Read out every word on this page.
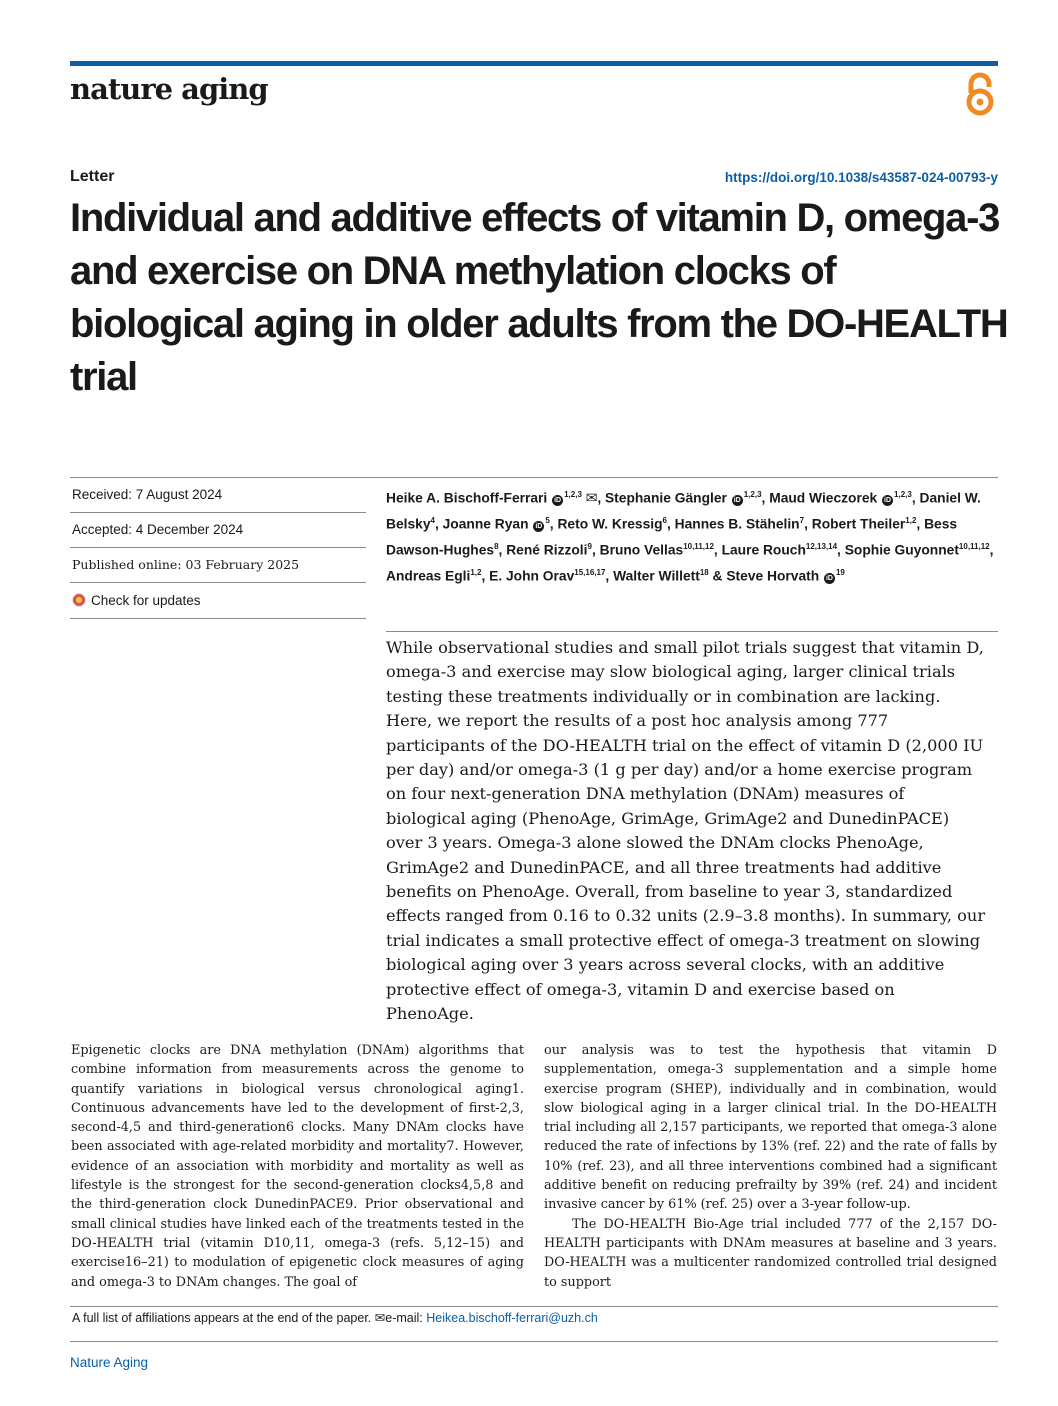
nature aging
Letter	https://doi.org/10.1038/s43587-024-00793-y
Individual and additive effects of vitamin D, omega-3 and exercise on DNA methylation clocks of biological aging in older adults from the DO-HEALTH trial
Received: 7 August 2024
Accepted: 4 December 2024
Published online: 03 February 2025
Check for updates
Heike A. Bischoff-Ferrari iD$^{1,2,3}$ ✉, Stephanie Gängler iD$^{1,2,3}$, Maud Wieczorek iD$^{1,2,3}$, Daniel W. Belsky$^4$, Joanne Ryan $iD^5$, Reto W. Kressig$^6$, Hannes B. Stähelin$^7$, Robert Theiler$^{1,2}$, Bess Dawson-Hughes$^8$, René Rizzoli$^9$, Bruno Vellas$^{10,11,12}$, Laure Rouch$^{12,13,14}$, Sophie Guyonnet$^{10,11,12}$, Andreas Egli$^{1,2}$, E. John Orav$^{15,16,17}$, Walter Willett$^{18}$ & Steve Horvath $iD^{19}$
While observational studies and small pilot trials suggest that vitamin D, omega-3 and exercise may slow biological aging, larger clinical trials testing these treatments individually or in combination are lacking. Here, we report the results of a post hoc analysis among 777 participants of the DO-HEALTH trial on the effect of vitamin D (2,000 IU per day) and/or omega-3 (1 g per day) and/or a home exercise program on four next-generation DNA methylation (DNAm) measures of biological aging (PhenoAge, GrimAge, GrimAge2 and DunedinPACE) over 3 years. Omega-3 alone slowed the DNAm clocks PhenoAge, GrimAge2 and DunedinPACE, and all three treatments had additive benefits on PhenoAge. Overall, from baseline to year 3, standardized effects ranged from 0.16 to 0.32 units (2.9–3.8 months). In summary, our trial indicates a small protective effect of omega-3 treatment on slowing biological aging over 3 years across several clocks, with an additive protective effect of omega-3, vitamin D and exercise based on PhenoAge.

Epigenetic clocks are DNA methylation (DNAm) algorithms that combine information from measurements across the genome to quantify variations in biological versus chronological aging1. Continuous advancements have led to the development of first-2,3, second-4,5 and third-generation6 clocks. Many DNAm clocks have been associated with age-related morbidity and mortality7. However, evidence of an association with morbidity and mortality as well as lifestyle is the strongest for the second-generation clocks4,5,8 and the third-generation clock DunedinPACE9. Prior observational and small clinical studies have linked each of the treatments tested in the DO-HEALTH trial (vitamin D10,11, omega-3 (refs. 5,12–15) and exercise16–21) to modulation of epigenetic clock measures of aging and omega-3 to DNAm changes. The goal of

our analysis was to test the hypothesis that vitamin D supplementation, omega-3 supplementation and a simple home exercise program (SHEP), individually and in combination, would slow biological aging in a larger clinical trial. In the DO-HEALTH trial including all 2,157 participants, we reported that omega-3 alone reduced the rate of infections by 13% (ref. 22) and the rate of falls by 10% (ref. 23), and all three interventions combined had a significant additive benefit on reducing prefrailty by 39% (ref. 24) and incident invasive cancer by 61% (ref. 25) over a 3-year follow-up.

The DO-HEALTH Bio-Age trial included 777 of the 2,157 DO-HEALTH participants with DNAm measures at baseline and 3 years. DO-HEALTH was a multicenter randomized controlled trial designed to support

A full list of affiliations appears at the end of the paper. ✉e-mail: Heikea.bischoff-ferrari@uzh.ch
Nature Aging
